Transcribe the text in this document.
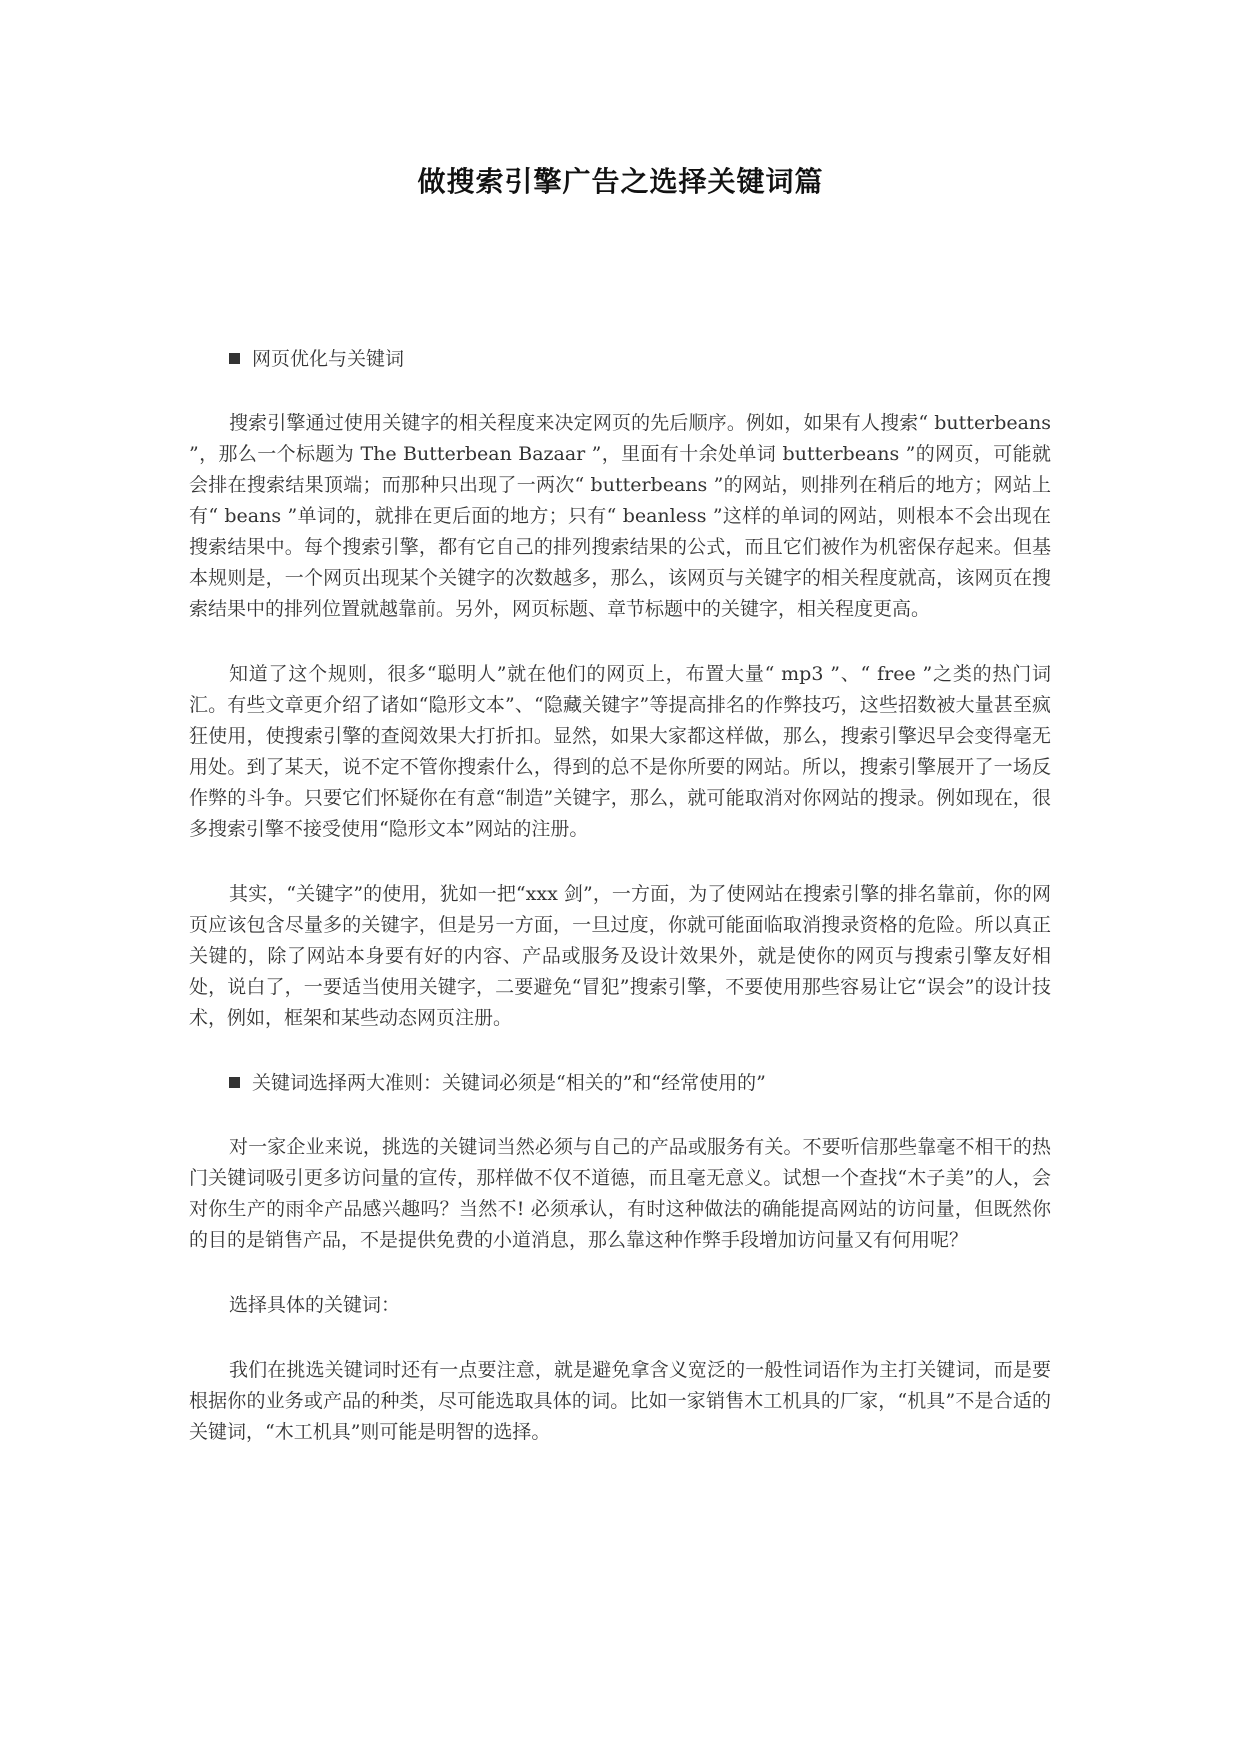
做搜索引擎广告之选择关键词篇
网页优化与关键词

搜索引擎通过使用关键字的相关程度来决定网页的先后顺序。例如，如果有人搜索“ butterbeans ”，那么一个标题为 The Butterbean Bazaar ”，里面有十余处单词 butterbeans ”的网页，可能就会排在搜索结果顶端；而那种只出现了一两次“ butterbeans ”的网站，则排列在稍后的地方；网站上有“ beans ”单词的，就排在更后面的地方；只有“ beanless ”这样的单词的网站，则根本不会出现在搜索结果中。每个搜索引擎，都有它自己的排列搜索结果的公式，而且它们被作为机密保存起来。但基本规则是，一个网页出现某个关键字的次数越多，那么，该网页与关键字的相关程度就高，该网页在搜索结果中的排列位置就越靠前。另外，网页标题、章节标题中的关键字，相关程度更高。

知道了这个规则，很多“聪明人”就在他们的网页上，布置大量“ mp3 ”、“ free ”之类的热门词汇。有些文章更介绍了诸如“隐形文本”、“隐藏关键字”等提高排名的作弊技巧，这些招数被大量甚至疯狂使用，使搜索引擎的查阅效果大打折扣。显然，如果大家都这样做，那么，搜索引擎迟早会变得毫无用处。到了某天，说不定不管你搜索什么，得到的总不是你所要的网站。所以，搜索引擎展开了一场反作弊的斗争。只要它们怀疑你在有意“制造”关键字，那么，就可能取消对你网站的搜录。例如现在，很多搜索引擎不接受使用“隐形文本”网站的注册。

其实，“关键字”的使用，犹如一把“xxx 剑”，一方面，为了使网站在搜索引擎的排名靠前，你的网页应该包含尽量多的关键字，但是另一方面，一旦过度，你就可能面临取消搜录资格的危险。所以真正关键的，除了网站本身要有好的内容、产品或服务及设计效果外，就是使你的网页与搜索引擎友好相处，说白了，一要适当使用关键字，二要避免“冒犯”搜索引擎，不要使用那些容易让它“误会”的设计技术，例如，框架和某些动态网页注册。

关键词选择两大准则：关键词必须是“相关的”和“经常使用的”

对一家企业来说，挑选的关键词当然必须与自己的产品或服务有关。不要听信那些靠毫不相干的热门关键词吸引更多访问量的宣传，那样做不仅不道德，而且毫无意义。试想一个查找“木子美”的人，会对你生产的雨伞产品感兴趣吗？当然不! 必须承认，有时这种做法的确能提高网站的访问量，但既然你的目的是销售产品，不是提供免费的小道消息，那么靠这种作弊手段增加访问量又有何用呢？

选择具体的关键词：

我们在挑选关键词时还有一点要注意，就是避免拿含义宽泛的一般性词语作为主打关键词，而是要根据你的业务或产品的种类，尽可能选取具体的词。比如一家销售木工机具的厂家，“机具”不是合适的关键词，“木工机具”则可能是明智的选择。
